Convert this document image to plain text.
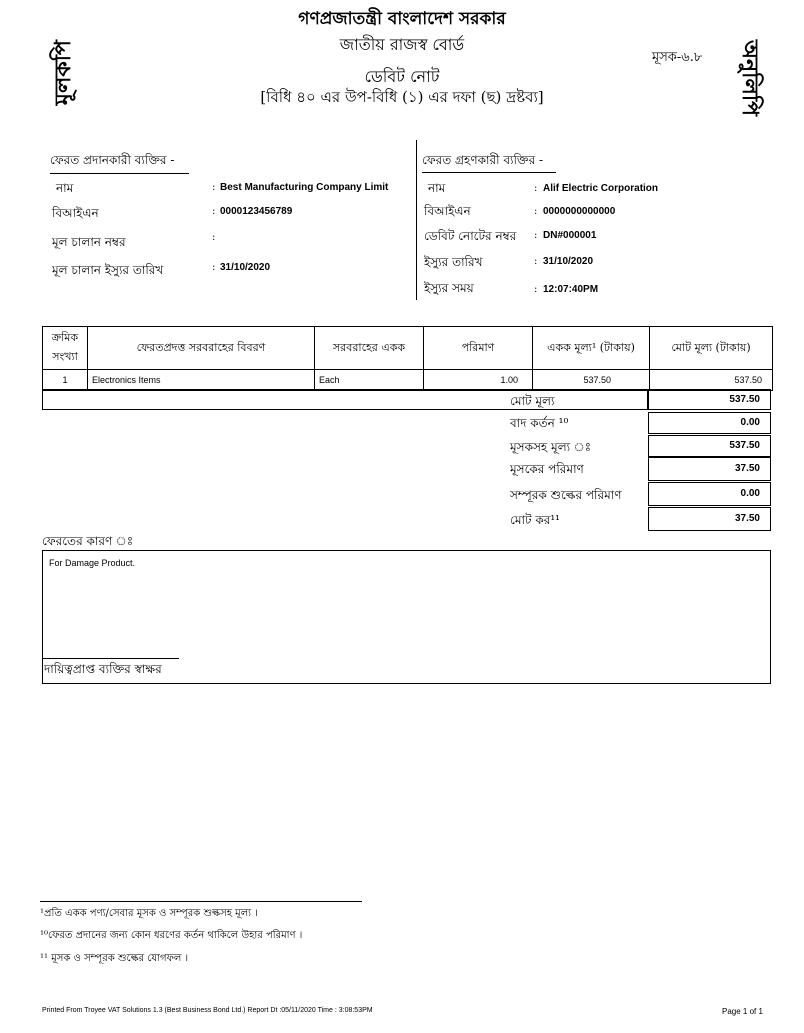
গণপ্রজাতন্ত্রী বাংলাদেশ সরকার
জাতীয় রাজস্ব বোর্ড
ডেবিট নোট
[বিধি ৪০ এর উপ-বিধি (১) এর দফা (ছ) দ্রষ্টব্য]
মূসক-৬.৮
মূলকপি	অনুলিপি
ফেরত প্রদানকারী ব্যক্তির -
নাম	: Best Manufacturing Company Limit
বিআইএন	: 0000123456789
মূল চালান নম্বর	:
মূল চালান ইস্যুর তারিখ	: 31/10/2020
ফেরত গ্রহণকারী ব্যক্তির -
নাম	: Alif Electric Corporation
বিআইএন	: 0000000000000
ডেবিট নোটের নম্বর : DN#000001
ইস্যুর তারিখ	: 31/10/2020
ইস্যুর সময়	: 12:07:40PM
ক্রমিক সংখ্যা	ফেরতপ্রদত্ত সরবরাহের বিবরণ	সরবরাহের একক	পরিমাণ	একক মূল্য¹ (টাকায়)	মোট মূল্য (টাকায়)
1	Electronics Items	Each	1.00	537.50	537.50
মোট মূল্য	537.50
বাদ কর্তন ¹⁰	0.00
মূসকসহ মূল্য ঃ	537.50
মূসকের পরিমাণ	37.50
সম্পূরক শুল্কের পরিমাণ	0.00
মোট কর¹¹	37.50
ফেরতের কারণ ঃ
For Damage Product.
দায়িত্বপ্রাপ্ত ব্যক্তির স্বাক্ষর
¹প্রতি একক পণ্য/সেবার মূসক ও সম্পূরক শুল্কসহ মূল্য ।
¹⁰ফেরত প্রদানের জন্য কোন ধরণের কর্তন থাকিলে উহার পরিমাণ ।
¹¹ মূসক ও সম্পূরক শুল্কের যোগফল ।
Printed From Troyee VAT Solutions 1.3 (Best Business Bond Ltd.) Report Dt :05/11/2020 Time : 3:08:53PM	Page 1 of 1
